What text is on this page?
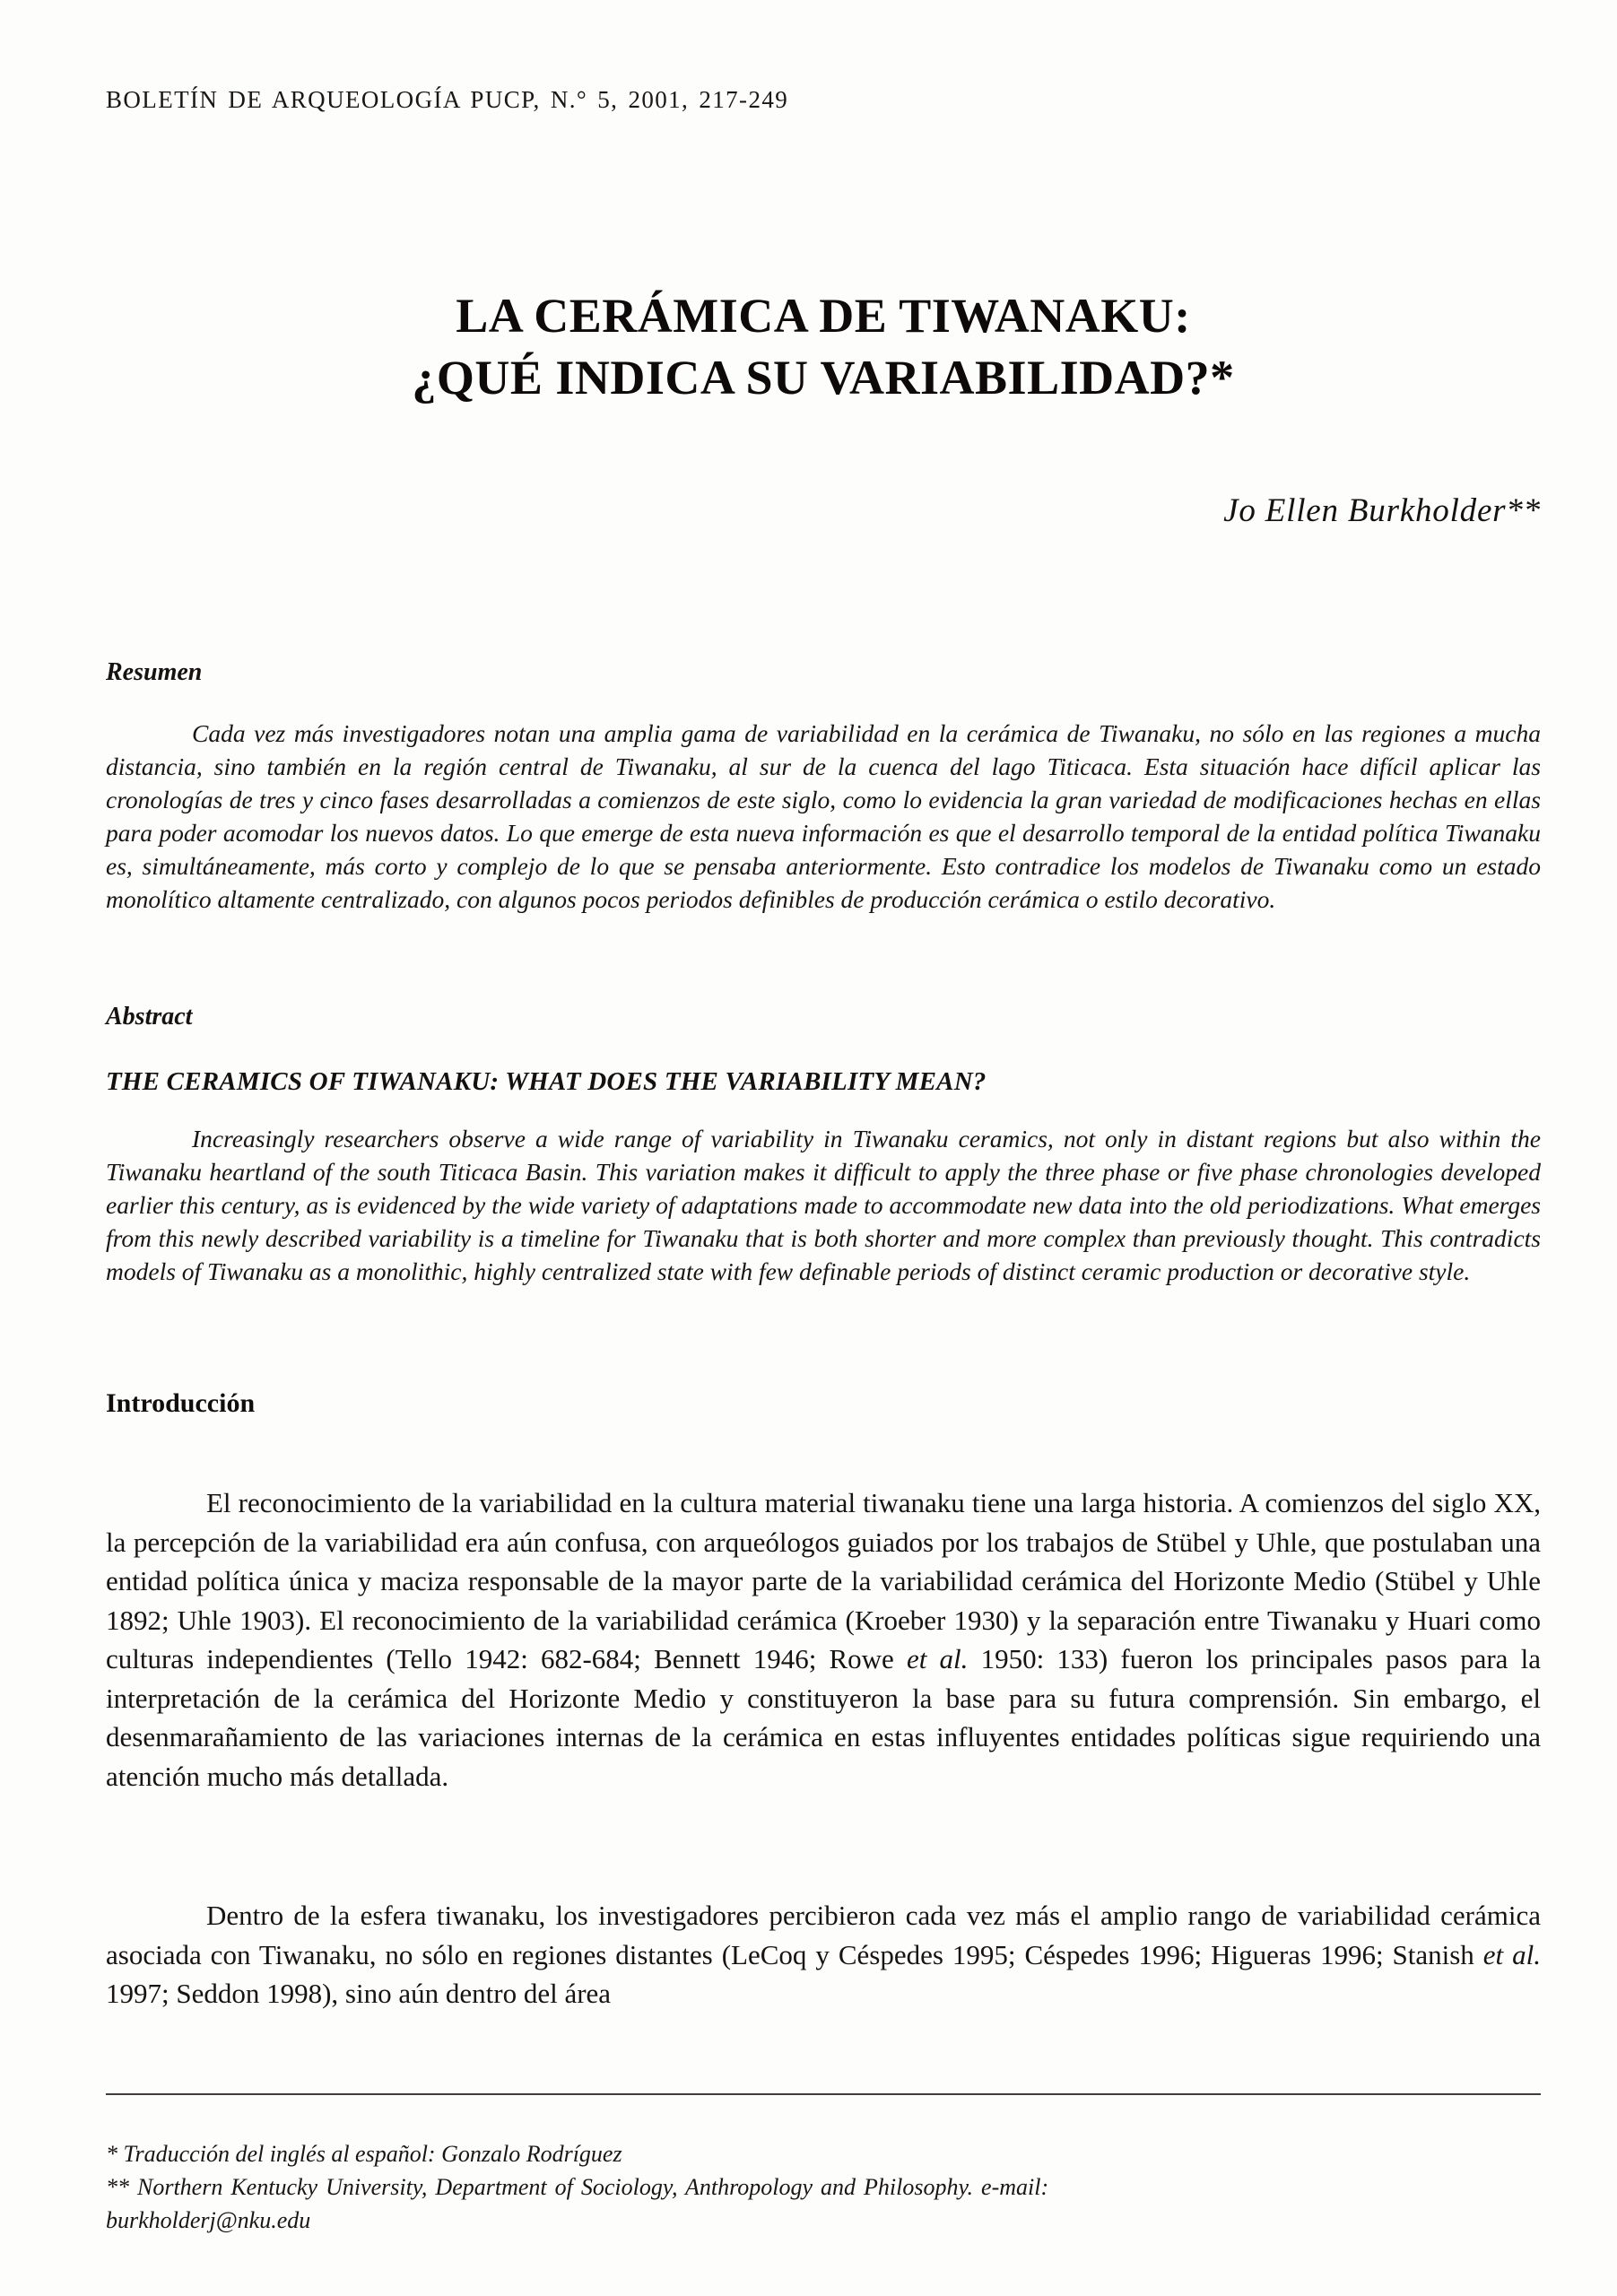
BOLETÍN DE ARQUEOLOGÍA PUCP, N.° 5, 2001, 217-249
LA CERÁMICA DE TIWANAKU:
¿QUÉ INDICA SU VARIABILIDAD?*
Jo Ellen Burkholder**
Resumen
Cada vez más investigadores notan una amplia gama de variabilidad en la cerámica de Tiwanaku, no sólo en las regiones a mucha distancia, sino también en la región central de Tiwanaku, al sur de la cuenca del lago Titicaca. Esta situación hace difícil aplicar las cronologías de tres y cinco fases desarrolladas a comienzos de este siglo, como lo evidencia la gran variedad de modificaciones hechas en ellas para poder acomodar los nuevos datos. Lo que emerge de esta nueva información es que el desarrollo temporal de la entidad política Tiwanaku es, simultáneamente, más corto y complejo de lo que se pensaba anteriormente. Esto contradice los modelos de Tiwanaku como un estado monolítico altamente centralizado, con algunos pocos periodos definibles de producción cerámica o estilo decorativo.
Abstract
THE CERAMICS OF TIWANAKU: WHAT DOES THE VARIABILITY MEAN?
Increasingly researchers observe a wide range of variability in Tiwanaku ceramics, not only in distant regions but also within the Tiwanaku heartland of the south Titicaca Basin. This variation makes it difficult to apply the three phase or five phase chronologies developed earlier this century, as is evidenced by the wide variety of adaptations made to accommodate new data into the old periodizations. What emerges from this newly described variability is a timeline for Tiwanaku that is both shorter and more complex than previously thought. This contradicts models of Tiwanaku as a monolithic, highly centralized state with few definable periods of distinct ceramic production or decorative style.
Introducción
El reconocimiento de la variabilidad en la cultura material tiwanaku tiene una larga historia. A comienzos del siglo XX, la percepción de la variabilidad era aún confusa, con arqueólogos guiados por los trabajos de Stübel y Uhle, que postulaban una entidad política única y maciza responsable de la mayor parte de la variabilidad cerámica del Horizonte Medio (Stübel y Uhle 1892; Uhle 1903). El reconocimiento de la variabilidad cerámica (Kroeber 1930) y la separación entre Tiwanaku y Huari como culturas independientes (Tello 1942: 682-684; Bennett 1946; Rowe et al. 1950: 133) fueron los principales pasos para la interpretación de la cerámica del Horizonte Medio y constituyeron la base para su futura comprensión. Sin embargo, el desenmarañamiento de las variaciones internas de la cerámica en estas influyentes entidades políticas sigue requiriendo una atención mucho más detallada.
Dentro de la esfera tiwanaku, los investigadores percibieron cada vez más el amplio rango de variabilidad cerámica asociada con Tiwanaku, no sólo en regiones distantes (LeCoq y Céspedes 1995; Céspedes 1996; Higueras 1996; Stanish et al. 1997; Seddon 1998), sino aún dentro del área
* Traducción del inglés al español: Gonzalo Rodríguez
** Northern Kentucky University, Department of Sociology, Anthropology and Philosophy. e-mail:
burkholderj@nku.edu
